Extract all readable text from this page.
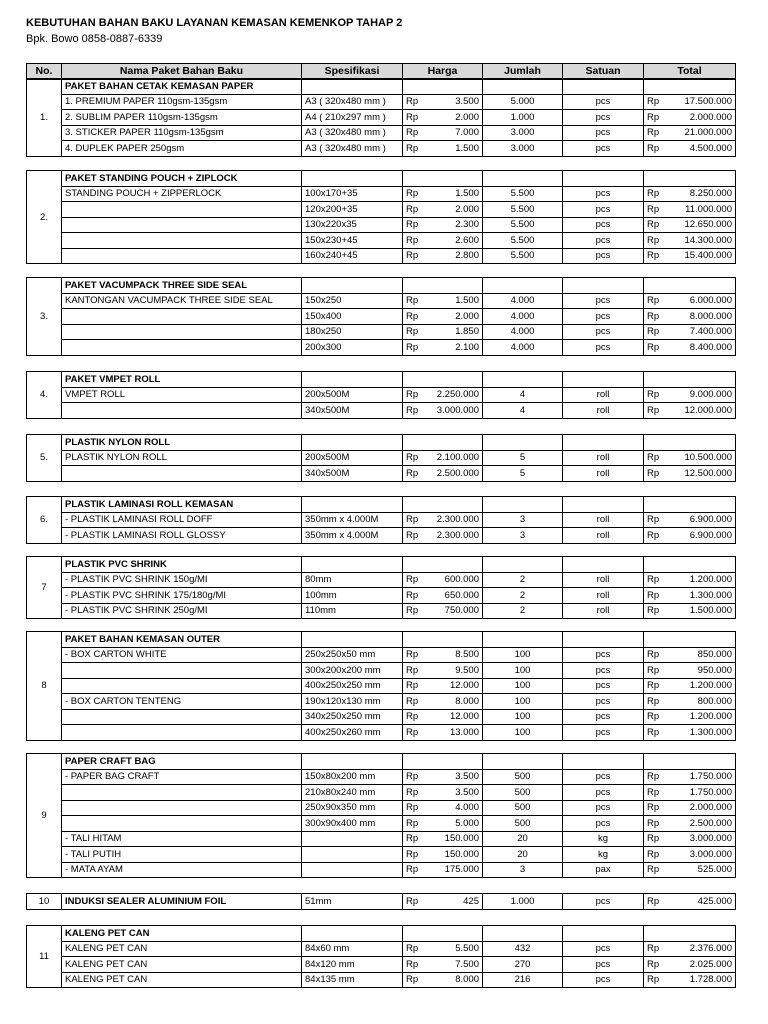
KEBUTUHAN BAHAN BAKU LAYANAN KEMASAN KEMENKOP TAHAP 2
Bpk. Bowo 0858-0887-6339
No.	Nama Paket Bahan Baku	Spesifikasi	Harga	Jumlah	Satuan	Total
1.	PAKET BAHAN CETAK KEMASAN PAPER							
	1. PREMIUM PAPER 110gsm-135gsm	A3 ( 320x480 mm )	Rp	3.500	5.000	pcs	Rp	17.500.000
	2. SUBLIM PAPER 110gsm-135gsm	A4 ( 210x297 mm )	Rp	2.000	1.000	pcs	Rp	2.000.000
	3. STICKER PAPER 110gsm-135gsm	A3 ( 320x480 mm )	Rp	7.000	3.000	pcs	Rp	21.000.000
	4. DUPLEK PAPER 250gsm	A3 ( 320x480 mm )	Rp	1.500	3.000	pcs	Rp	4.500.000
2.	PAKET STANDING POUCH + ZIPLOCK							
	STANDING POUCH + ZIPPERLOCK	100x170+35	Rp	1.500	5.500	pcs	Rp	8.250.000
		120x200+35	Rp	2.000	5.500	pcs	Rp	11.000.000
		130x220x35	Rp	2.300	5.500	pcs	Rp	12.650.000
		150x230+45	Rp	2.600	5.500	pcs	Rp	14.300.000
		160x240+45	Rp	2.800	5.500	pcs	Rp	15.400.000
3.	PAKET VACUMPACK THREE SIDE SEAL							
	KANTONGAN VACUMPACK THREE SIDE SEAL	150x250	Rp	1.500	4.000	pcs	Rp	6.000.000
		150x400	Rp	2.000	4.000	pcs	Rp	8.000.000
		180x250	Rp	1.850	4.000	pcs	Rp	7.400.000
		200x300	Rp	2.100	4.000	pcs	Rp	8.400.000
4.	PAKET VMPET ROLL							
	VMPET ROLL	200x500M	Rp	2.250.000	4	roll	Rp	9.000.000
		340x500M	Rp	3.000.000	4	roll	Rp	12.000.000
5.	PLASTIK NYLON ROLL							
	PLASTIK NYLON ROLL	200x500M	Rp	2.100.000	5	roll	Rp	10.500.000
		340x500M	Rp	2.500.000	5	roll	Rp	12.500.000
6.	PLASTIK LAMINASI ROLL KEMASAN							
	- PLASTIK LAMINASI ROLL DOFF	350mm x 4.000M	Rp	2.300.000	3	roll	Rp	6.900.000
	- PLASTIK LAMINASI ROLL GLOSSY	350mm x 4.000M	Rp	2.300.000	3	roll	Rp	6.900.000
7	PLASTIK PVC SHRINK							
	- PLASTIK PVC SHRINK 150g/MI	80mm	Rp	600.000	2	roll	Rp	1.200.000
	- PLASTIK PVC SHRINK 175/180g/MI	100mm	Rp	650.000	2	roll	Rp	1.300.000
	- PLASTIK PVC SHRINK 250g/MI	110mm	Rp	750.000	2	roll	Rp	1.500.000
8	PAKET BAHAN KEMASAN OUTER							
	- BOX CARTON WHITE	250x250x50 mm	Rp	8.500	100	pcs	Rp	850.000
		300x200x200 mm	Rp	9.500	100	pcs	Rp	950.000
		400x250x250 mm	Rp	12.000	100	pcs	Rp	1.200.000
	- BOX CARTON TENTENG	190x120x130 mm	Rp	8.000	100	pcs	Rp	800.000
		340x250x250 mm	Rp	12.000	100	pcs	Rp	1.200.000
		400x250x260 mm	Rp	13.000	100	pcs	Rp	1.300.000
9	PAPER CRAFT BAG							
	- PAPER BAG CRAFT	150x80x200 mm	Rp	3.500	500	pcs	Rp	1.750.000
		210x80x240 mm	Rp	3.500	500	pcs	Rp	1.750.000
		250x90x350 mm	Rp	4.000	500	pcs	Rp	2.000.000
		300x90x400 mm	Rp	5.000	500	pcs	Rp	2.500.000
	- TALI HITAM		Rp	150.000	20	kg	Rp	3.000.000
	- TALI PUTIH		Rp	150.000	20	kg	Rp	3.000.000
	- MATA AYAM		Rp	175.000	3	pax	Rp	525.000
10	INDUKSI SEALER ALUMINIUM FOIL	51mm	Rp	425	1.000	pcs	Rp	425.000
11	KALENG PET CAN							
	KALENG PET CAN	84x60 mm	Rp	5.500	432	pcs	Rp	2.376.000
	KALENG PET CAN	84x120 mm	Rp	7.500	270	pcs	Rp	2.025.000
	KALENG PET CAN	84x135 mm	Rp	8.000	216	pcs	Rp	1.728.000
